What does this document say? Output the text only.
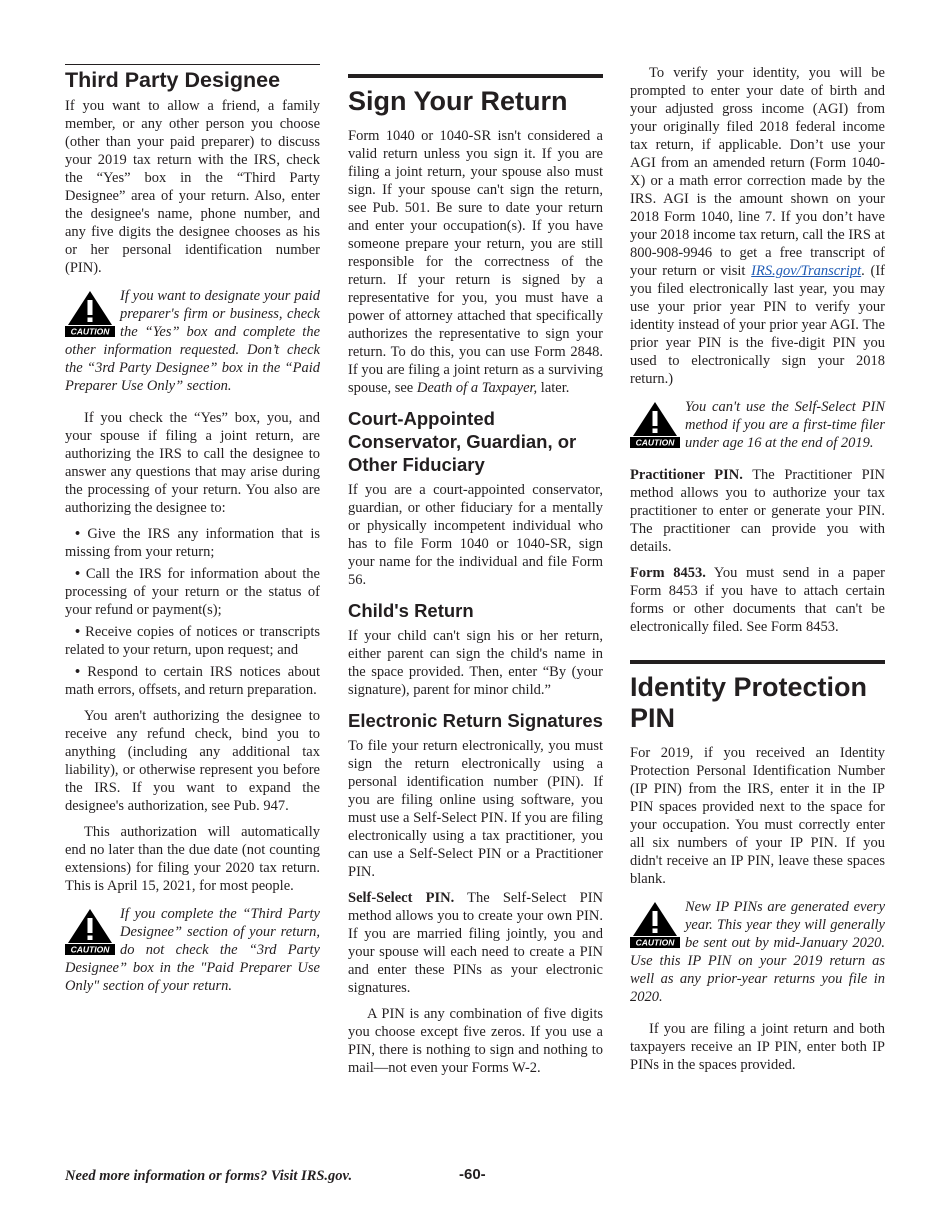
Third Party Designee

If you want to allow a friend, a family member, or any other person you choose (other than your paid preparer) to discuss your 2019 tax return with the IRS, check the “Yes” box in the “Third Party Designee” area of your return. Also, enter the designee's name, phone number, and any five digits the designee chooses as his or her personal identification number (PIN).

CAUTION

If you want to designate your paid preparer's firm or business, check the “Yes” box and complete the other information requested. Don’t check the “3rd Party Designee” box in the “Paid Preparer Use Only” section.

If you check the “Yes” box, you, and your spouse if filing a joint return, are authorizing the IRS to call the designee to answer any questions that may arise during the processing of your return. You also are authorizing the designee to:

• Give the IRS any information that is missing from your return;
• Call the IRS for information about the processing of your return or the status of your refund or payment(s);
• Receive copies of notices or transcripts related to your return, upon request; and
• Respond to certain IRS notices about math errors, offsets, and return preparation.

You aren't authorizing the designee to receive any refund check, bind you to anything (including any additional tax liability), or otherwise represent you before the IRS. If you want to expand the designee's authorization, see Pub. 947.

This authorization will automatically end no later than the due date (not counting extensions) for filing your 2020 tax return. This is April 15, 2021, for most people.

CAUTION

If you complete the “Third Party Designee” section of your return, do not check the “3rd Party Designee” box in the "Paid Preparer Use Only" section of your return.

Sign Your Return

Form 1040 or 1040-SR isn't considered a valid return unless you sign it. If you are filing a joint return, your spouse also must sign. If your spouse can't sign the return, see Pub. 501. Be sure to date your return and enter your occupation(s). If you have someone prepare your return, you are still responsible for the correctness of the return. If your return is signed by a representative for you, you must have a power of attorney attached that specifically authorizes the representative to sign your return. To do this, you can use Form 2848. If you are filing a joint return as a surviving spouse, see Death of a Taxpayer, later.

Court-Appointed Conservator, Guardian, or Other Fiduciary

If you are a court-appointed conservator, guardian, or other fiduciary for a mentally or physically incompetent individual who has to file Form 1040 or 1040-SR, sign your name for the individual and file Form 56.

Child's Return

If your child can't sign his or her return, either parent can sign the child's name in the space provided. Then, enter “By (your signature), parent for minor child.”

Electronic Return Signatures

To file your return electronically, you must sign the return electronically using a personal identification number (PIN). If you are filing online using software, you must use a Self-Select PIN. If you are filing electronically using a tax practitioner, you can use a Self-Select PIN or a Practitioner PIN.

Self-Select PIN. The Self-Select PIN method allows you to create your own PIN. If you are married filing jointly, you and your spouse will each need to create a PIN and enter these PINs as your electronic signatures.

A PIN is any combination of five digits you choose except five zeros. If you use a PIN, there is nothing to sign and nothing to mail—not even your Forms W-2.

To verify your identity, you will be prompted to enter your date of birth and your adjusted gross income (AGI) from your originally filed 2018 federal income tax return, if applicable. Don’t use your AGI from an amended return (Form 1040-X) or a math error correction made by the IRS. AGI is the amount shown on your 2018 Form 1040, line 7. If you don’t have your 2018 income tax return, call the IRS at 800-908-9946 to get a free transcript of your return or visit IRS.gov/Transcript. (If you filed electronically last year, you may use your prior year PIN to verify your identity instead of your prior year AGI. The prior year PIN is the five-digit PIN you used to electronically sign your 2018 return.)

CAUTION

You can't use the Self-Select PIN method if you are a first-time filer under age 16 at the end of 2019.

Practitioner PIN. The Practitioner PIN method allows you to authorize your tax practitioner to enter or generate your PIN. The practitioner can provide you with details.

Form 8453. You must send in a paper Form 8453 if you have to attach certain forms or other documents that can't be electronically filed. See Form 8453.

Identity Protection PIN

For 2019, if you received an Identity Protection Personal Identification Number (IP PIN) from the IRS, enter it in the IP PIN spaces provided next to the space for your occupation. You must correctly enter all six numbers of your IP PIN. If you didn't receive an IP PIN, leave these spaces blank.

CAUTION

New IP PINs are generated every year. This year they will generally be sent out by mid-January 2020. Use this IP PIN on your 2019 return as well as any prior-year returns you file in 2020.

If you are filing a joint return and both taxpayers receive an IP PIN, enter both IP PINs in the spaces provided.

Need more information or forms? Visit IRS.gov.	-60-
